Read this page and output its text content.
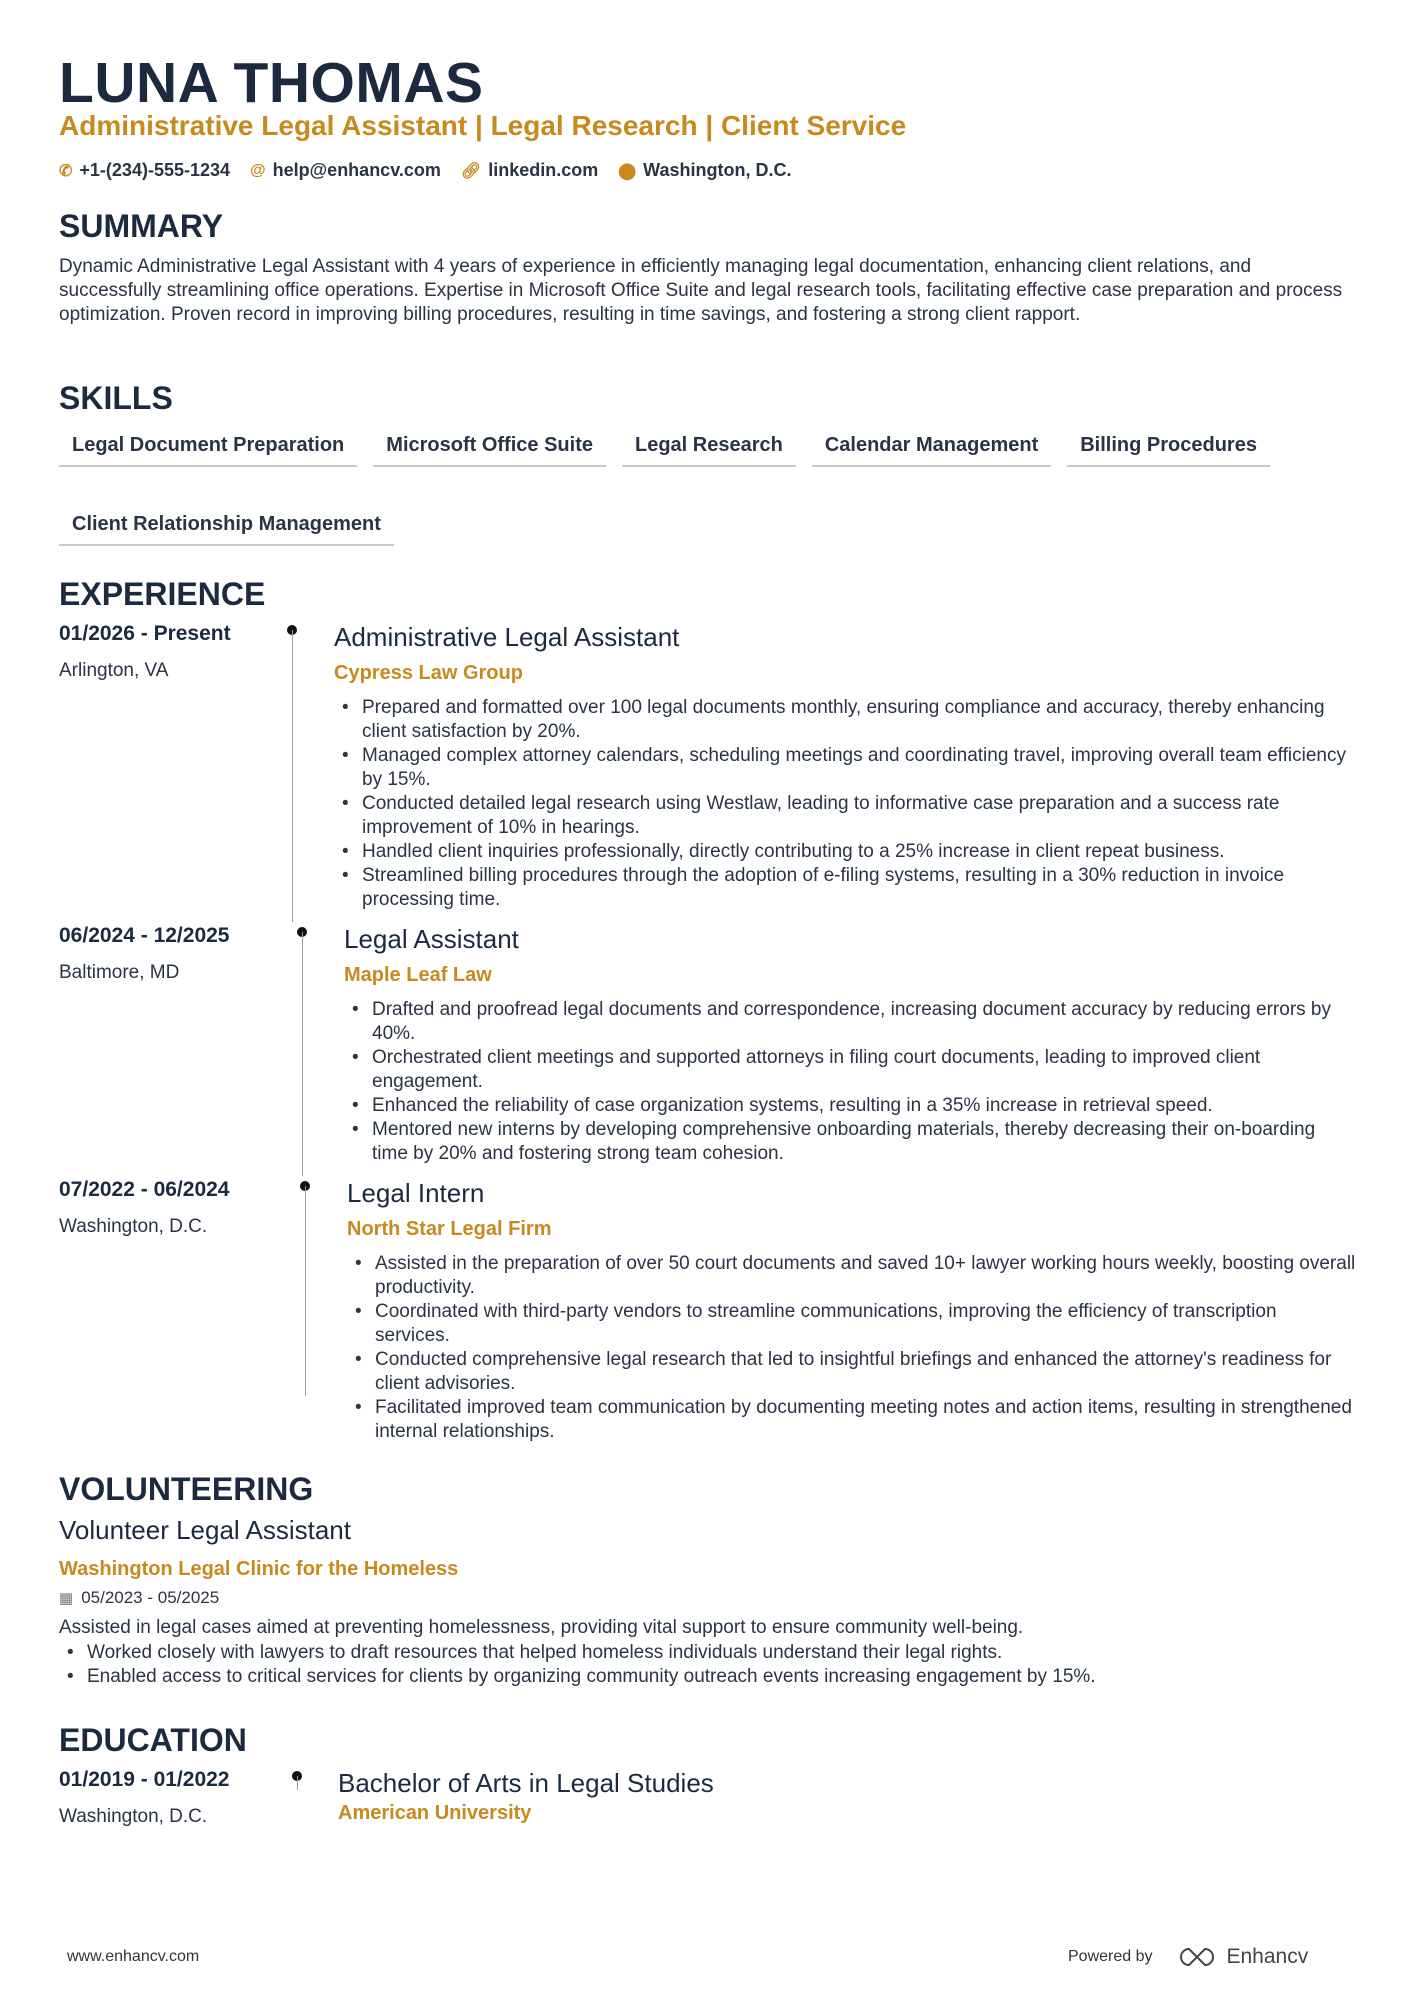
LUNA THOMAS
Administrative Legal Assistant | Legal Research | Client Service
✆ +1-(234)-555-1234 @ help@enhancv.com 🔗︎ linkedin.com ⬤ Washington, D.C.
SUMMARY
Dynamic Administrative Legal Assistant with 4 years of experience in efficiently managing legal documentation, enhancing client relations, and successfully streamlining office operations. Expertise in Microsoft Office Suite and legal research tools, facilitating effective case preparation and process optimization. Proven record in improving billing procedures, resulting in time savings, and fostering a strong client rapport.
SKILLS
Legal Document Preparation	Microsoft Office Suite	Legal Research	Calendar Management	Billing Procedures
Client Relationship Management
EXPERIENCE
01/2026 - Present
Arlington, VA
Administrative Legal Assistant
Cypress Law Group
• Prepared and formatted over 100 legal documents monthly, ensuring compliance and accuracy, thereby enhancing client satisfaction by 20%.
• Managed complex attorney calendars, scheduling meetings and coordinating travel, improving overall team efficiency by 15%.
• Conducted detailed legal research using Westlaw, leading to informative case preparation and a success rate improvement of 10% in hearings.
• Handled client inquiries professionally, directly contributing to a 25% increase in client repeat business.
• Streamlined billing procedures through the adoption of e-filing systems, resulting in a 30% reduction in invoice processing time.
06/2024 - 12/2025
Baltimore, MD
Legal Assistant
Maple Leaf Law
• Drafted and proofread legal documents and correspondence, increasing document accuracy by reducing errors by 40%.
• Orchestrated client meetings and supported attorneys in filing court documents, leading to improved client engagement.
• Enhanced the reliability of case organization systems, resulting in a 35% increase in retrieval speed.
• Mentored new interns by developing comprehensive onboarding materials, thereby decreasing their on-boarding time by 20% and fostering strong team cohesion.
07/2022 - 06/2024
Washington, D.C.
Legal Intern
North Star Legal Firm
• Assisted in the preparation of over 50 court documents and saved 10+ lawyer working hours weekly, boosting overall productivity.
• Coordinated with third-party vendors to streamline communications, improving the efficiency of transcription services.
• Conducted comprehensive legal research that led to insightful briefings and enhanced the attorney's readiness for client advisories.
• Facilitated improved team communication by documenting meeting notes and action items, resulting in strengthened internal relationships.
VOLUNTEERING
Volunteer Legal Assistant
Washington Legal Clinic for the Homeless
▦ 05/2023 - 05/2025
Assisted in legal cases aimed at preventing homelessness, providing vital support to ensure community well-being.
• Worked closely with lawyers to draft resources that helped homeless individuals understand their legal rights.
• Enabled access to critical services for clients by organizing community outreach events increasing engagement by 15%.
EDUCATION
01/2019 - 01/2022
Washington, D.C.
Bachelor of Arts in Legal Studies
American University
www.enhancv.com	Powered by	Enhancv
